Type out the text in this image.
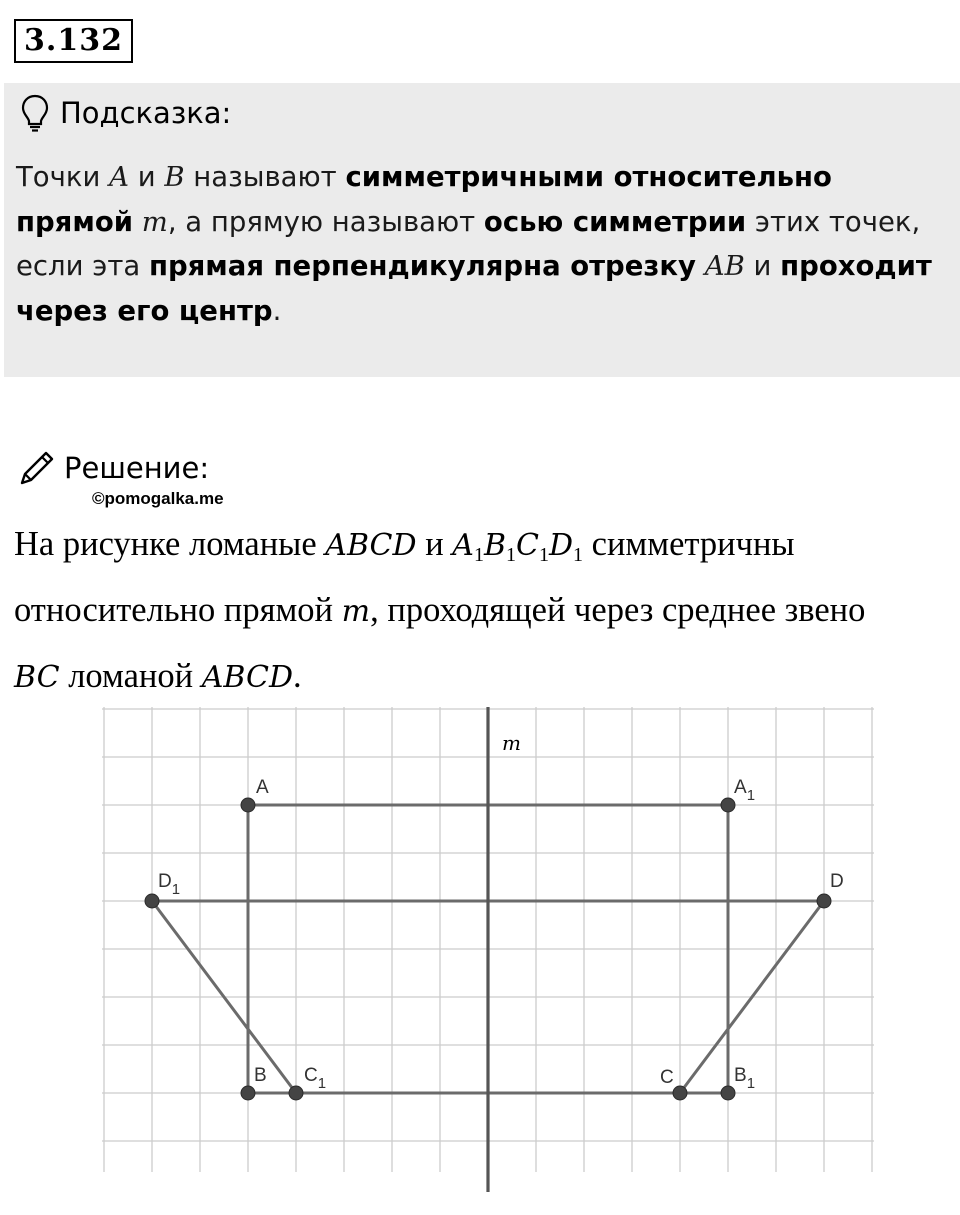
3.132
Подсказка:
Точки A и B называют симметричными относительно прямой m, а прямую называют осью симметрии этих точек, если эта прямая перпендикулярна отрезку AB и проходит через его центр.
Решение:
©pomogalka.me
На рисунке ломаные ABCD и $A_1B_1C_1D_1$ симметричны
относительно прямой m, проходящей через среднее звено
BC ломаной ABCD.
m
A
B	C
D
$A_1$
$B_1$
$C_1$
$D_1$
